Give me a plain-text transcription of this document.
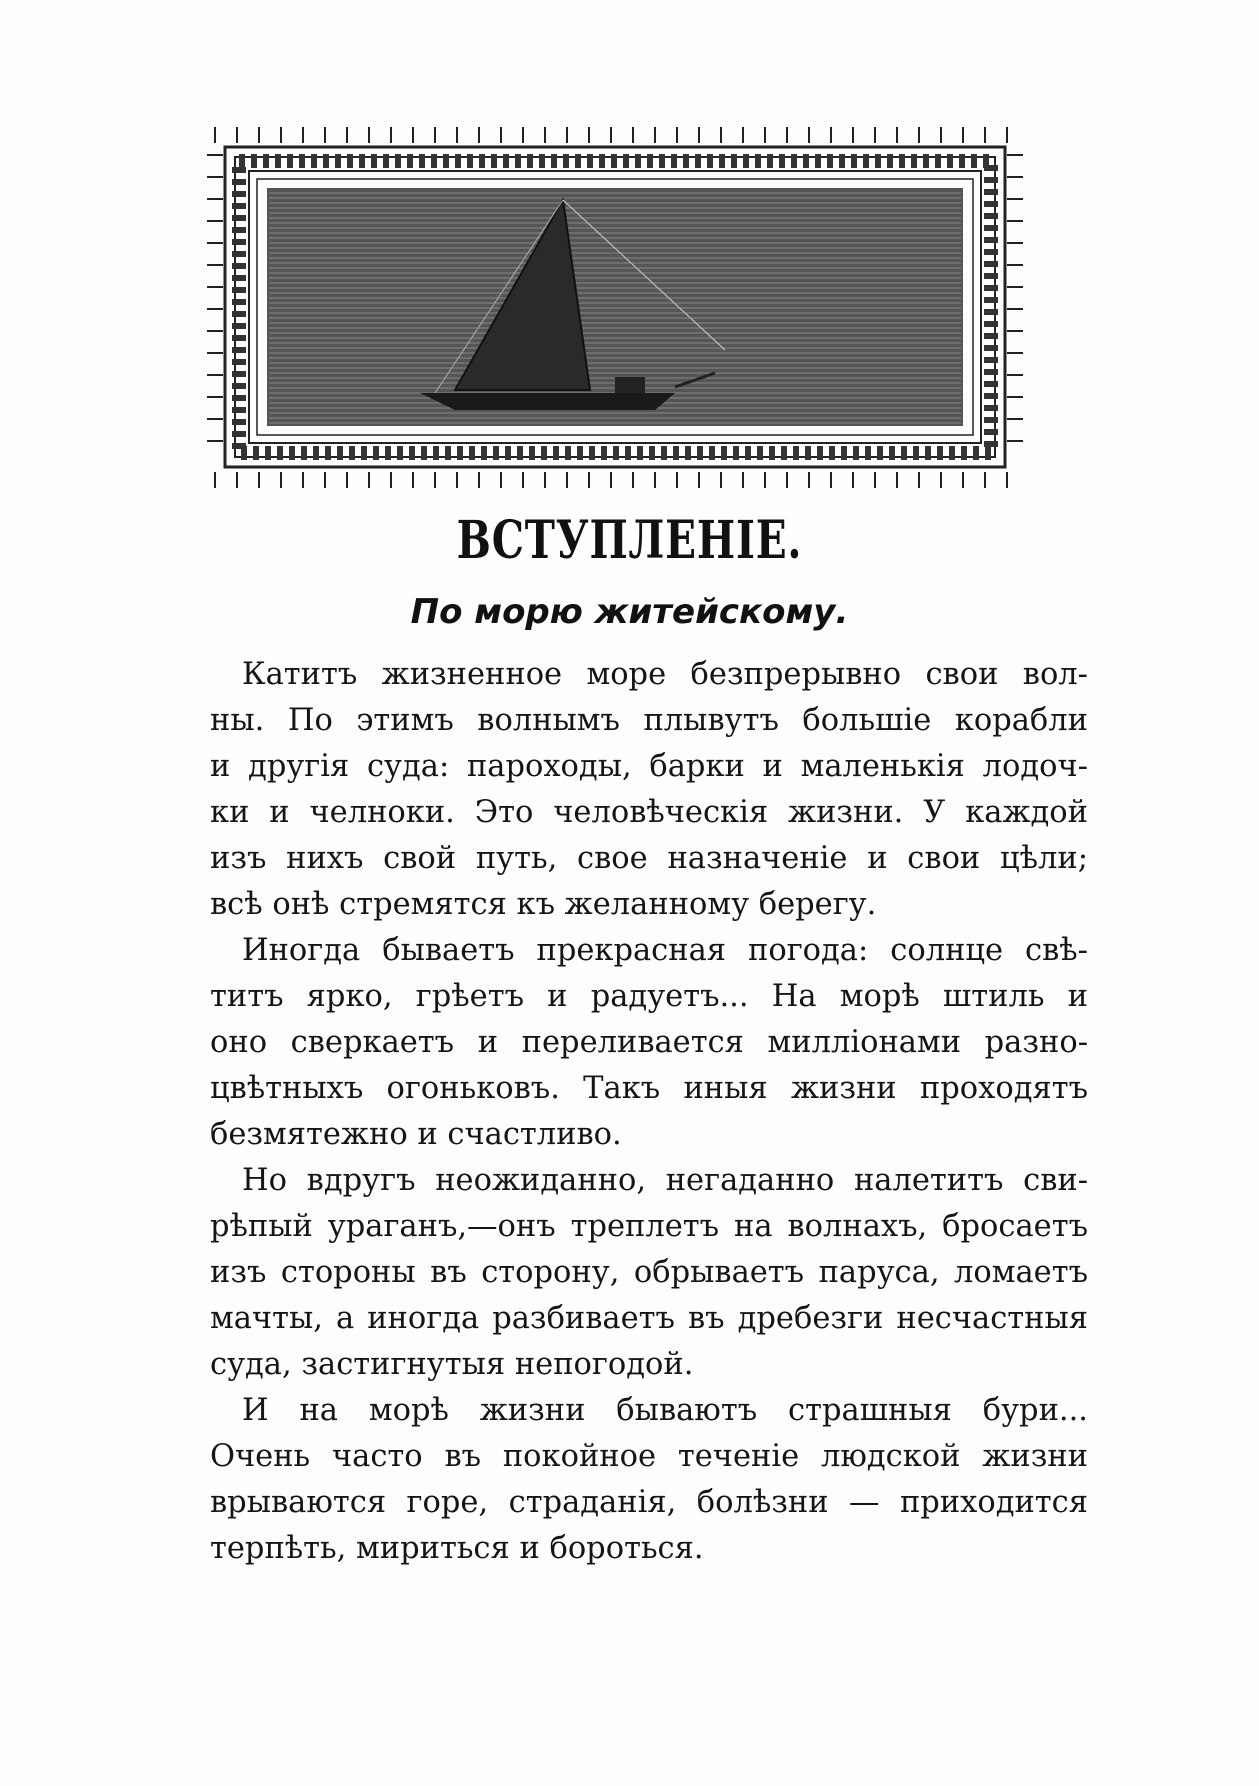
ВСТУПЛЕНІЕ.
По морю житейскому.
Катитъ жизненное море безпрерывно свои вол-
ны. По этимъ волнымъ плывутъ большіе корабли
и другія суда: пароходы, барки и маленькія лодоч-
ки и челноки. Это человѣческія жизни. У каждой
изъ нихъ свой путь, свое назначеніе и свои цѣли;
всѣ онѣ стремятся къ желанному берегу.
Иногда бываетъ прекрасная погода: солнце свѣ-
титъ ярко, грѣетъ и радуетъ... На морѣ штиль и
оно сверкаетъ и переливается милліонами разно-
цвѣтныхъ огоньковъ. Такъ иныя жизни проходятъ
безмятежно и счастливо.
Но вдругъ неожиданно, негаданно налетитъ сви-
рѣпый ураганъ,—онъ треплетъ на волнахъ, бросаетъ
изъ стороны въ сторону, обрываетъ паруса, ломаетъ
мачты, а иногда разбиваетъ въ дребезги несчастныя
суда, застигнутыя непогодой.
И на морѣ жизни бываютъ страшныя бури...
Очень часто въ покойное теченіе людской жизни
врываются горе, страданія, болѣзни — приходится
терпѣть, мириться и бороться.
